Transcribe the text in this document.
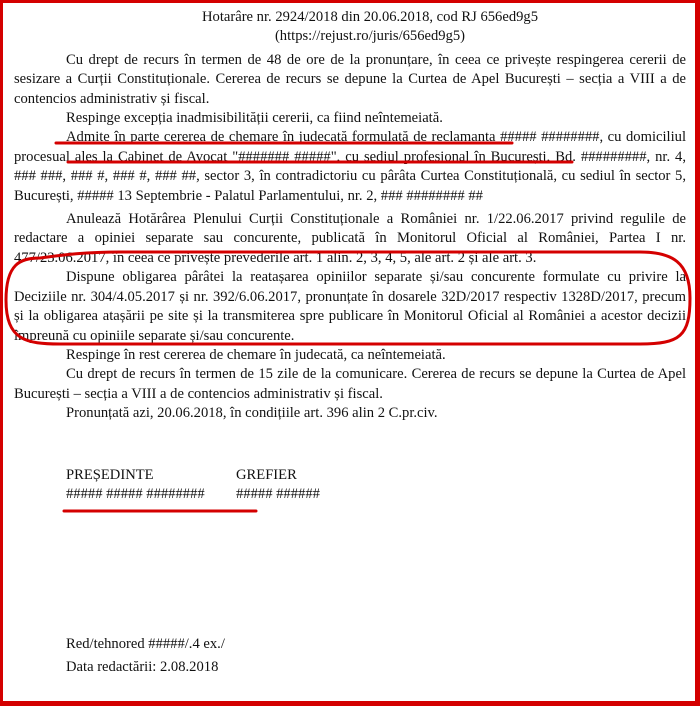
Hotarâre nr. 2924/2018 din 20.06.2018, cod RJ 656ed9g5
(https://rejust.ro/juris/656ed9g5)

Cu drept de recurs în termen de 48 de ore de la pronunțare, în ceea ce privește respingerea cererii de sesizare a Curții Constituționale. Cererea de recurs se depune la Curtea de Apel București – secția a VIII a de contencios administrativ și fiscal.

Respinge excepția inadmisibilității cererii, ca fiind neîntemeiată.

Admite în parte cererea de chemare în judecată formulată de reclamanta ##### ########, cu domiciliul procesual ales la Cabinet de Avocat "####### #####", cu sediul profesional în București, Bd. #########, nr. 4, ### ###, ### #, ### #, ### ##, sector 3, în contradictoriu cu pârâta Curtea Constituțională, cu sediul în sector 5, București, ##### 13 Septembrie - Palatul Parlamentului, nr. 2, ### ######## ##

Anulează Hotărârea Plenului Curții Constituționale a României nr. 1/22.06.2017 privind regulile de redactare a opiniei separate sau concurente, publicată în Monitorul Oficial al României, Partea I nr. 477/23.06.2017, în ceea ce privește prevederile art. 1 alin. 2, 3, 4, 5, ale art. 2 și ale art. 3.

Dispune obligarea pârâtei la reatașarea opiniilor separate și/sau concurente formulate cu privire la Deciziile nr. 304/4.05.2017 și nr. 392/6.06.2017, pronunțate în dosarele 32D/2017 respectiv 1328D/2017, precum și la obligarea atașării pe site și la transmiterea spre publicare în Monitorul Oficial al României a acestor decizii împreună cu opiniile separate și/sau concurente.

Respinge în rest cererea de chemare în judecată, ca neîntemeiată.

Cu drept de recurs în termen de 15 zile de la comunicare. Cererea de recurs se depune la Curtea de Apel București – secția a VIII a de contencios administrativ și fiscal.

Pronunțată azi, 20.06.2018, în condițiile art. 396 alin 2 C.pr.civ.

PREȘEDINTE	GREFIER
##### ##### ########	##### ######
Red/tehnored #####/.4 ex./
Data redactării: 2.08.2018
